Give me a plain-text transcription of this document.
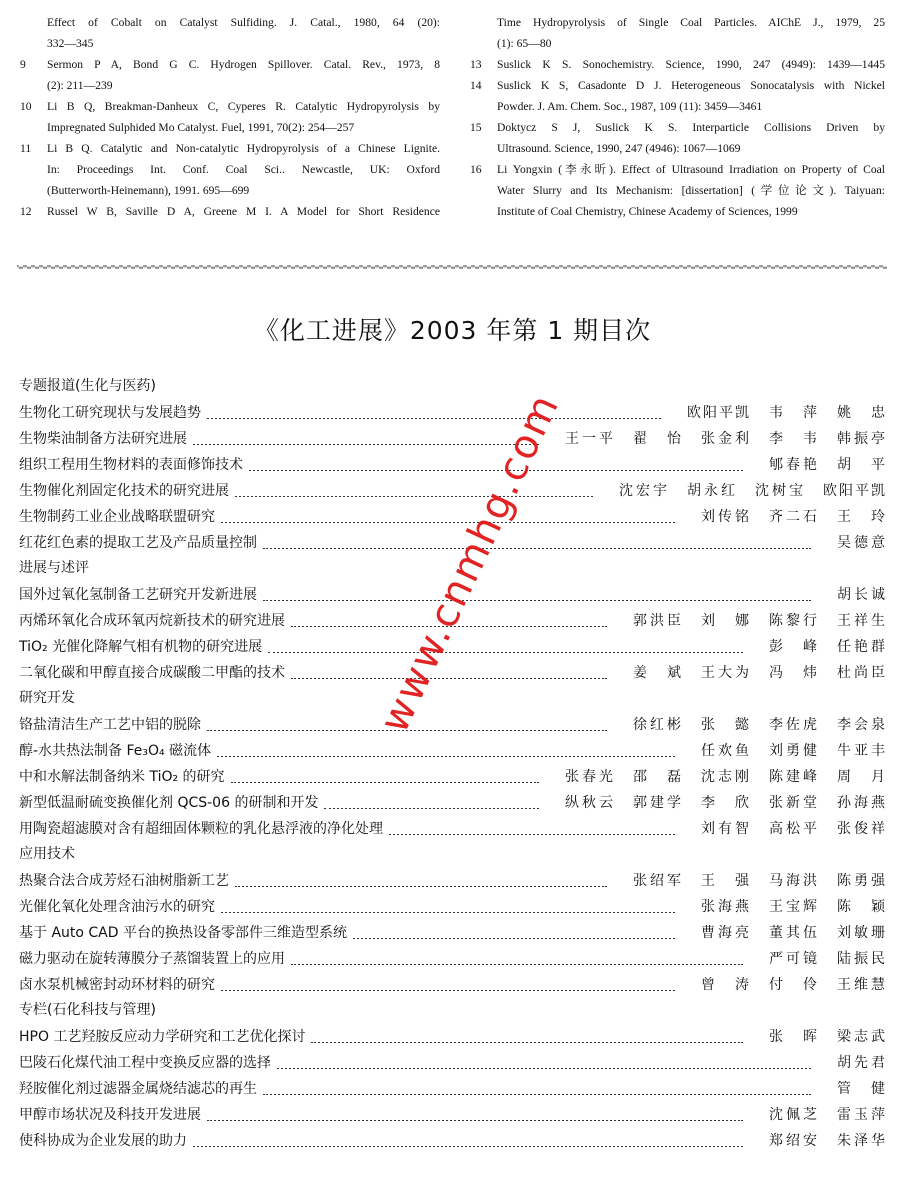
Effect of Cobalt on Catalyst Sulfiding. J. Catal., 1980, 64 (20):
332—345
9 Sermon P A, Bond G C. Hydrogen Spillover. Catal. Rev., 1973, 8
(2): 211—239
10 Li B Q, Breakman-Danheux C, Cyperes R. Catalytic Hydropyrolysis by
Impregnated Sulphided Mo Catalyst. Fuel, 1991, 70(2): 254—257
11 Li B Q. Catalytic and Non-catalytic Hydropyrolysis of a Chinese Lignite.
In: Proceedings Int. Conf. Coal Sci.. Newcastle, UK: Oxford
(Butterworth-Heinemann), 1991. 695—699
12 Russel W B, Saville D A, Greene M I. A Model for Short Residence
Time Hydropyrolysis of Single Coal Particles. AIChE J., 1979, 25
(1): 65—80
13 Suslick K S. Sonochemistry. Science, 1990, 247 (4949): 1439—1445
14 Suslick K S, Casadonte D J. Heterogeneous Sonocatalysis with Nickel
Powder. J. Am. Chem. Soc., 1987, 109 (11): 3459—3461
15 Doktycz S J, Suslick K S. Interparticle Collisions Driven by
Ultrasound. Science, 1990, 247 (4946): 1067—1069
16 Li Yongxin (李永昕). Effect of Ultrasound Irradiation on Property of Coal
Water Slurry and Its Mechanism: [dissertation] (学位论文). Taiyuan:
Institute of Coal Chemistry, Chinese Academy of Sciences, 1999
《化工进展》2003 年第 1 期目次
专题报道(生化与医药)
生物化工研究现状与发展趋势	欧阳平凯 韦 萍 姚 忠
生物柴油制备方法研究进展	王一平 翟 怡 张金利 李 韦 韩振亭
组织工程用生物材料的表面修饰技术	郇春艳 胡 平
生物催化剂固定化技术的研究进展	沈宏宇 胡永红 沈树宝 欧阳平凯
生物制药工业企业战略联盟研究	刘传铭 齐二石 王 玲
红花红色素的提取工艺及产品质量控制	吴德意
进展与述评
国外过氧化氢制备工艺研究开发新进展	胡长诚
丙烯环氧化合成环氧丙烷新技术的研究进展	郭洪臣 刘 娜 陈黎行 王祥生
TiO₂ 光催化降解气相有机物的研究进展	彭 峰 任艳群
二氧化碳和甲醇直接合成碳酸二甲酯的技术	姜 斌 王大为 冯 炜 杜尚臣
研究开发
铬盐清洁生产工艺中铝的脱除	徐红彬 张 懿 李佐虎 李会泉
醇-水共热法制备 Fe₃O₄ 磁流体	任欢鱼 刘勇健 牛亚丰
中和水解法制备纳米 TiO₂ 的研究	张春光 邵 磊 沈志刚 陈建峰 周 月
新型低温耐硫变换催化剂 QCS-06 的研制和开发	纵秋云 郭建学 李 欣 张新堂 孙海燕
用陶瓷超滤膜对含有超细固体颗粒的乳化悬浮液的净化处理	刘有智 高松平 张俊祥
应用技术
热聚合法合成芳烃石油树脂新工艺	张绍军 王 强 马海洪 陈勇强
光催化氧化处理含油污水的研究	张海燕 王宝辉 陈 颖
基于 Auto CAD 平台的换热设备零部件三维造型系统	曹海亮 董其伍 刘敏珊
磁力驱动在旋转薄膜分子蒸馏装置上的应用	严可镜 陆振民
卤水泵机械密封动环材料的研究	曾 涛 付 伶 王维慧
专栏(石化科技与管理)
HPO 工艺羟胺反应动力学研究和工艺优化探讨	张 晖 梁志武
巴陵石化煤代油工程中变换反应器的选择	胡先君
羟胺催化剂过滤器金属烧结滤芯的再生	管 健
甲醇市场状况及科技开发进展	沈佩芝 雷玉萍
使科协成为企业发展的助力	郑绍安 朱泽华
www.cnmhg.com
